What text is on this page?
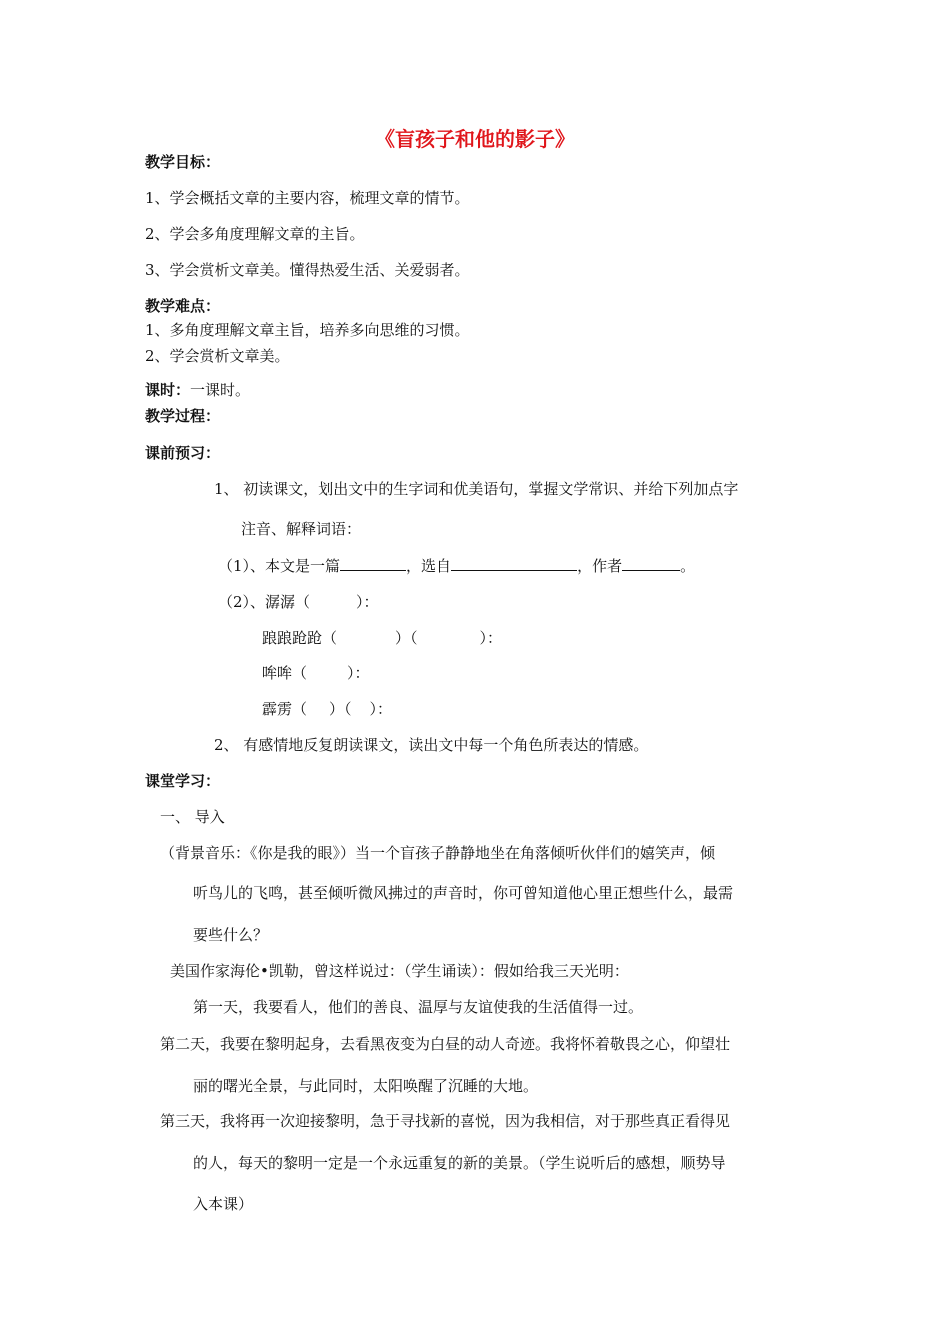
《盲孩子和他的影子》
教学目标：
1、学会概括文章的主要内容，梳理文章的情节。
2、学会多角度理解文章的主旨。
3、学会赏析文章美。懂得热爱生活、关爱弱者。
教学难点：
1、多角度理解文章主旨，培养多向思维的习惯。
2、学会赏析文章美。
课时：一课时。
教学过程：
课前预习：
1、 初读课文，划出文中的生字词和优美语句，掌握文学常识、并给下列加点字
注音、解释词语：
（1）、本文是一篇	，选自	，作者	。
（2）、潺潺（	）：
踉踉跄跄（	）（	）：
哞哞（	）：
霹雳（ ）（ ）：
2、 有感情地反复朗读课文，读出文中每一个角色所表达的情感。
课堂学习：
一、 导入
（背景音乐：《你是我的眼》）当一个盲孩子静静地坐在角落倾听伙伴们的嬉笑声，倾
听鸟儿的飞鸣，甚至倾听微风拂过的声音时，你可曾知道他心里正想些什么，最需
要些什么？
美国作家海伦•凯勒，曾这样说过：（学生诵读）：假如给我三天光明：
第一天，我要看人，他们的善良、温厚与友谊使我的生活值得一过。
第二天，我要在黎明起身，去看黑夜变为白昼的动人奇迹。我将怀着敬畏之心，仰望壮
丽的曙光全景，与此同时，太阳唤醒了沉睡的大地。
第三天，我将再一次迎接黎明，急于寻找新的喜悦，因为我相信，对于那些真正看得见
的人，每天的黎明一定是一个永远重复的新的美景。（学生说听后的感想，顺势导
入本课）
